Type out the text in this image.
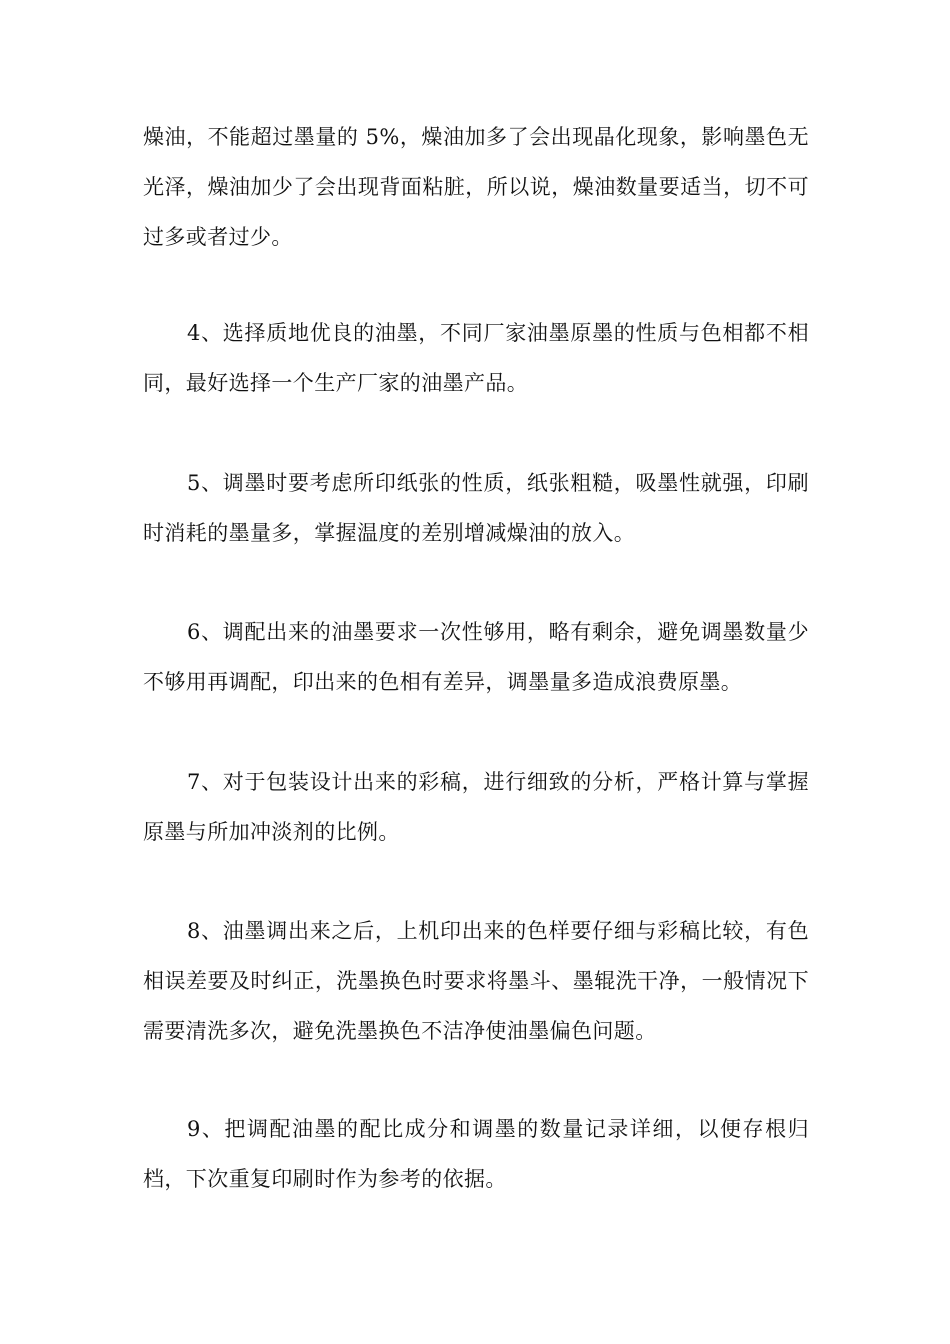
燥油，不能超过墨量的 5%，燥油加多了会出现晶化现象，影响墨色无光泽，燥油加少了会出现背面粘脏，所以说，燥油数量要适当，切不可过多或者过少。

4、选择质地优良的油墨，不同厂家油墨原墨的性质与色相都不相同，最好选择一个生产厂家的油墨产品。

5、调墨时要考虑所印纸张的性质，纸张粗糙，吸墨性就强，印刷时消耗的墨量多，掌握温度的差别增减燥油的放入。

6、调配出来的油墨要求一次性够用，略有剩余，避免调墨数量少不够用再调配，印出来的色相有差异，调墨量多造成浪费原墨。

7、对于包装设计出来的彩稿，进行细致的分析，严格计算与掌握原墨与所加冲淡剂的比例。

8、油墨调出来之后，上机印出来的色样要仔细与彩稿比较，有色相误差要及时纠正，洗墨换色时要求将墨斗、墨辊洗干净，一般情况下需要清洗多次，避免洗墨换色不洁净使油墨偏色问题。

9、把调配油墨的配比成分和调墨的数量记录详细，以便存根归档，下次重复印刷时作为参考的依据。
